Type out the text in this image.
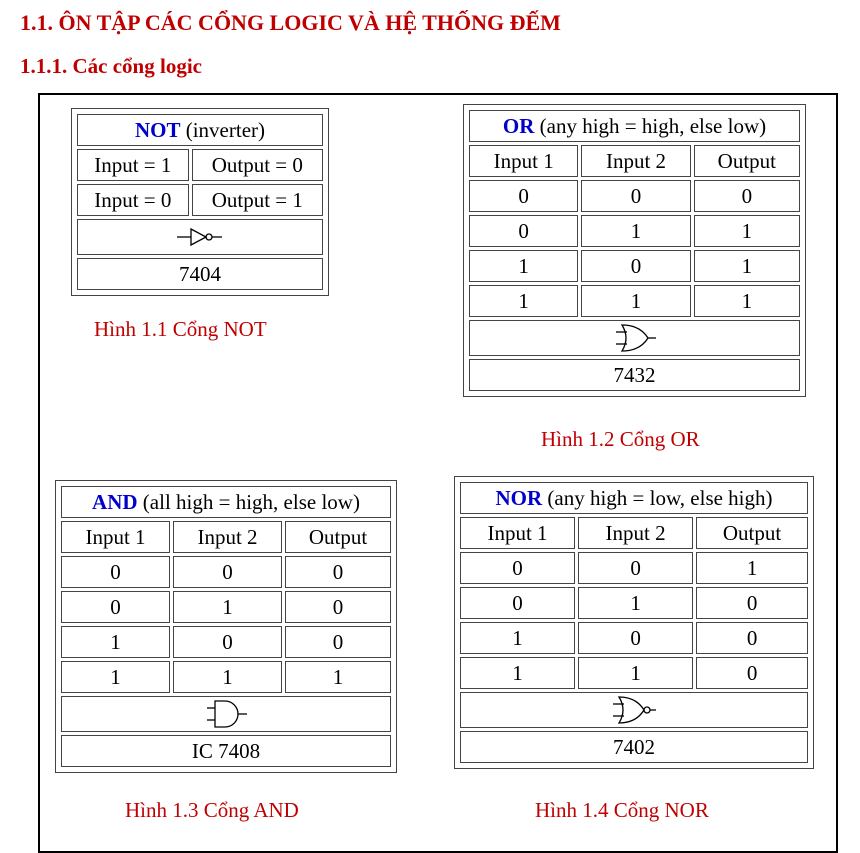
1.1. ÔN TẬP CÁC CỔNG LOGIC VÀ HỆ THỐNG ĐẾM
1.1.1. Các cổng logic
NOT (inverter)	
Input = 1	Output = 0
Input = 0	Output = 1

7404	
Hình 1.1 Cổng NOT
OR (any high = high, else low)		
Input 1	Input 2	Output
0	0	0
0	1	1
1	0	1
1	1	1

7432		
Hình 1.2 Cổng OR
AND (all high = high, else low)		
Input 1	Input 2	Output
0	0	0
0	1	0
1	0	0
1	1	1

IC 7408		
Hình 1.3 Cổng AND
NOR (any high = low, else high)		
Input 1	Input 2	Output
0	0	1
0	1	0
1	0	0
1	1	0

7402		
Hình 1.4 Cổng NOR
